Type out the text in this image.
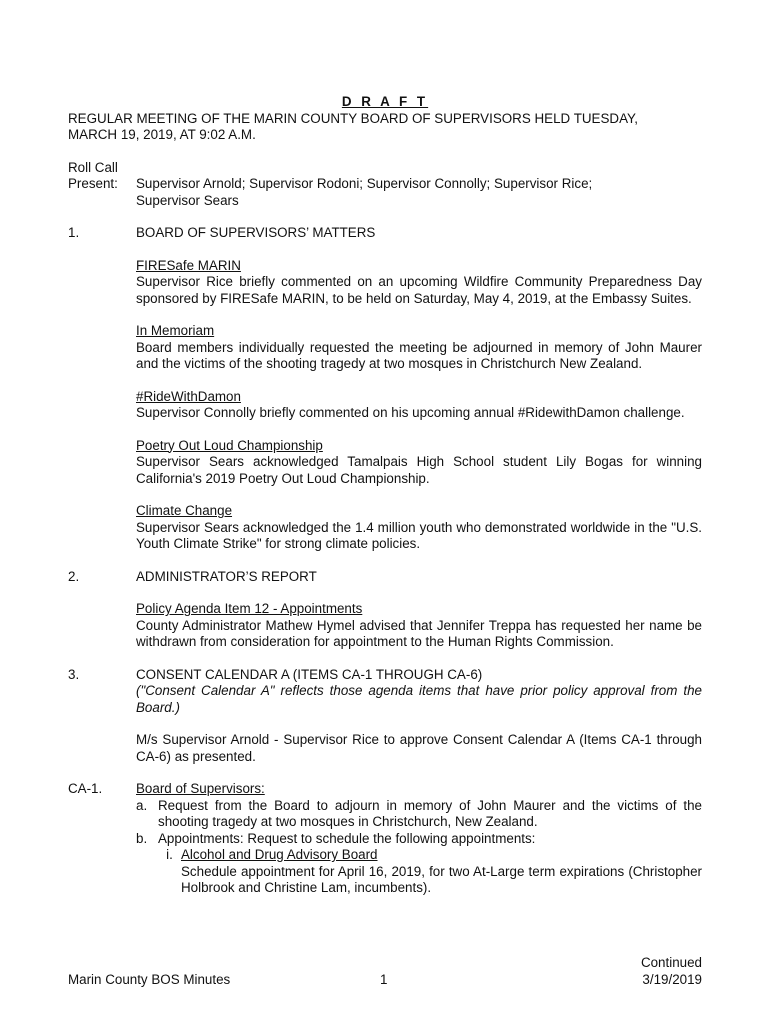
D R A F T

REGULAR MEETING OF THE MARIN COUNTY BOARD OF SUPERVISORS HELD TUESDAY,

MARCH 19, 2019, AT 9:02 A.M.

Roll Call
Present:	Supervisor Arnold; Supervisor Rodoni; Supervisor Connolly; Supervisor Rice; Supervisor Sears

1.	BOARD OF SUPERVISORS’ MATTERS

FIRESafe MARIN

Supervisor Rice briefly commented on an upcoming Wildfire Community Preparedness Day sponsored by FIRESafe MARIN, to be held on Saturday, May 4, 2019, at the Embassy Suites.

In Memoriam

Board members individually requested the meeting be adjourned in memory of John Maurer and the victims of the shooting tragedy at two mosques in Christchurch New Zealand.

#RideWithDamon

Supervisor Connolly briefly commented on his upcoming annual #RidewithDamon challenge.

Poetry Out Loud Championship

Supervisor Sears acknowledged Tamalpais High School student Lily Bogas for winning California's 2019 Poetry Out Loud Championship.

Climate Change

Supervisor Sears acknowledged the 1.4 million youth who demonstrated worldwide in the "U.S. Youth Climate Strike" for strong climate policies.

2.	ADMINISTRATOR’S REPORT

Policy Agenda Item 12 - Appointments

County Administrator Mathew Hymel advised that Jennifer Treppa has requested her name be withdrawn from consideration for appointment to the Human Rights Commission.

3.	CONSENT CALENDAR A (ITEMS CA-1 THROUGH CA-6)

("Consent Calendar A" reflects those agenda items that have prior policy approval from the Board.)

M/s Supervisor Arnold - Supervisor Rice to approve Consent Calendar A (Items CA-1 through CA-6) as presented.

CA-1.	Board of Supervisors:

a. Request from the Board to adjourn in memory of John Maurer and the victims of the shooting tragedy at two mosques in Christchurch, New Zealand.
b. Appointments: Request to schedule the following appointments:
i. Alcohol and Drug Advisory Board
Schedule appointment for April 16, 2019, for two At-Large term expirations (Christopher Holbrook and Christine Lam, incumbents).
Marin County BOS Minutes	1
Continued
3/19/2019
